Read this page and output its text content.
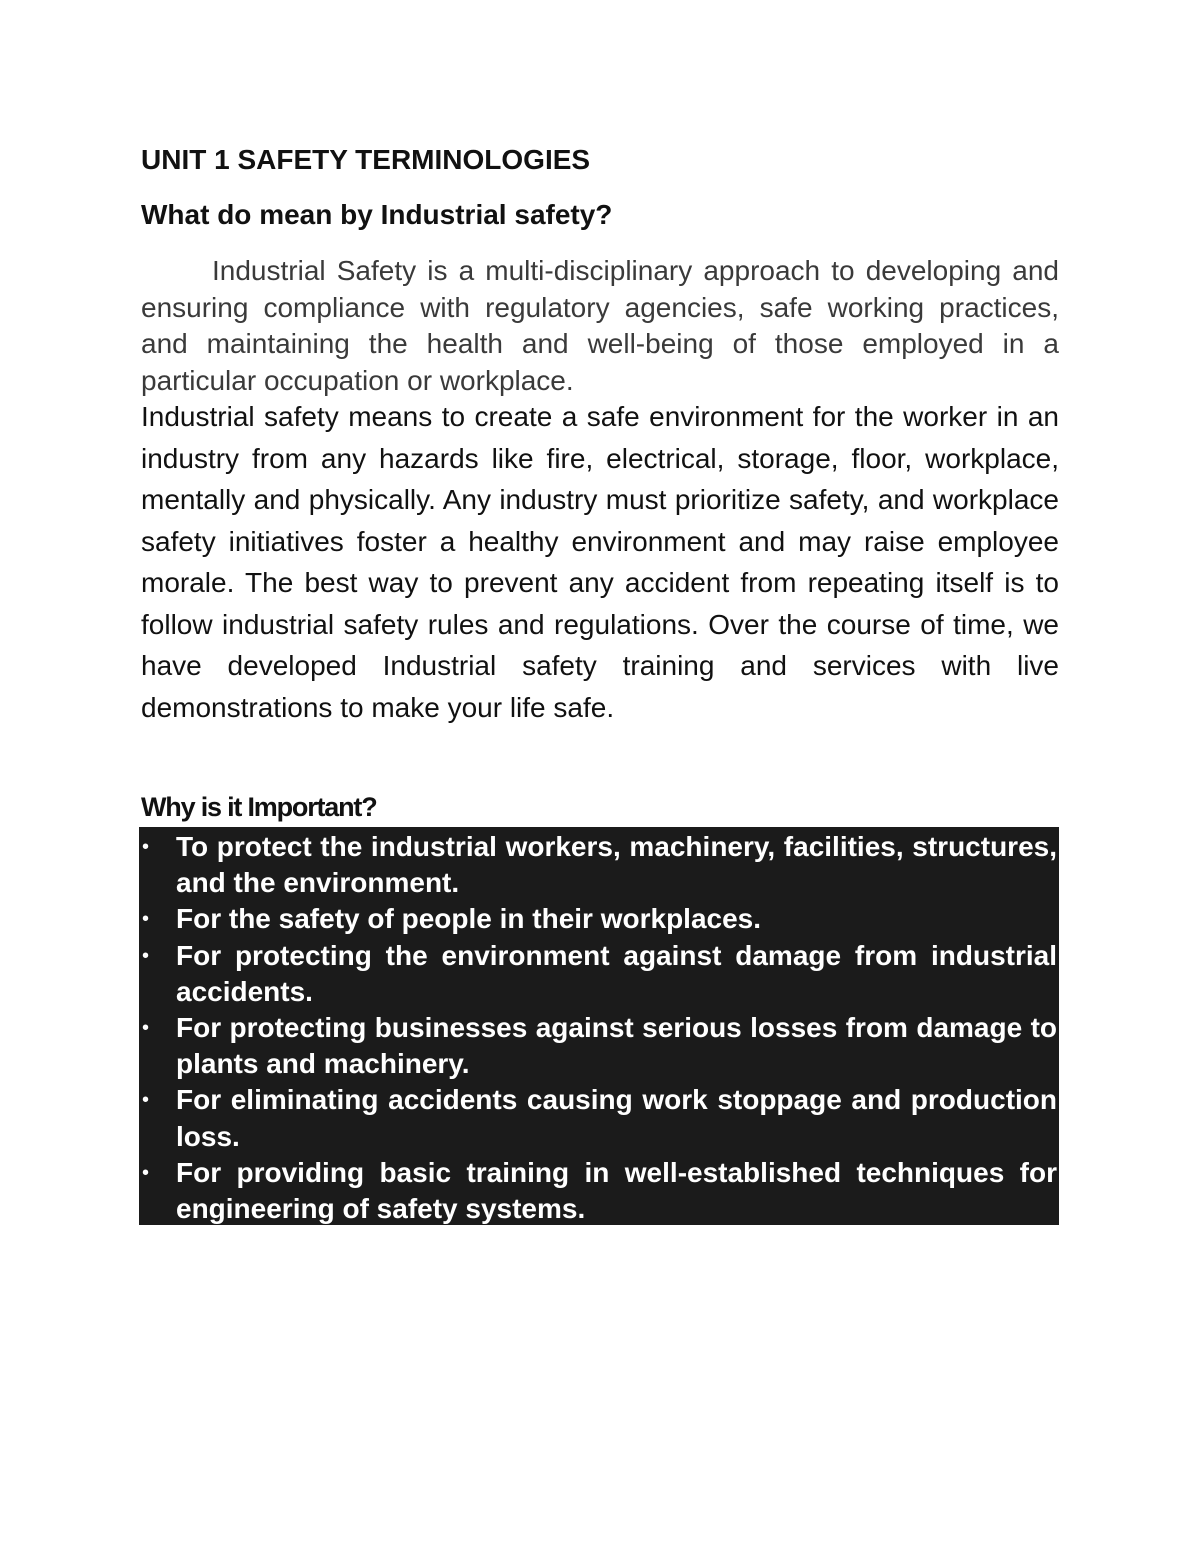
UNIT 1 SAFETY TERMINOLOGIES
What do mean by Industrial safety?

Industrial Safety is a multi-disciplinary approach to developing and ensuring compliance with regulatory agencies, safe working practices, and maintaining the health and well-being of those employed in a particular occupation or workplace.

Industrial safety means to create a safe environment for the worker in an industry from any hazards like fire, electrical, storage, floor, workplace, mentally and physically. Any industry must prioritize safety, and workplace safety initiatives foster a healthy environment and may raise employee morale. The best way to prevent any accident from repeating itself is to follow industrial safety rules and regulations. Over the course of time, we have developed Industrial safety training and services with live demonstrations to make your life safe.

Why is it Important?
• To protect the industrial workers, machinery, facilities, structures, and the environment.
• For the safety of people in their workplaces.
• For protecting the environment against damage from industrial accidents.
• For protecting businesses against serious losses from damage to plants and machinery.
• For eliminating accidents causing work stoppage and production loss.
• For providing basic training in well-established techniques for engineering of safety systems.
